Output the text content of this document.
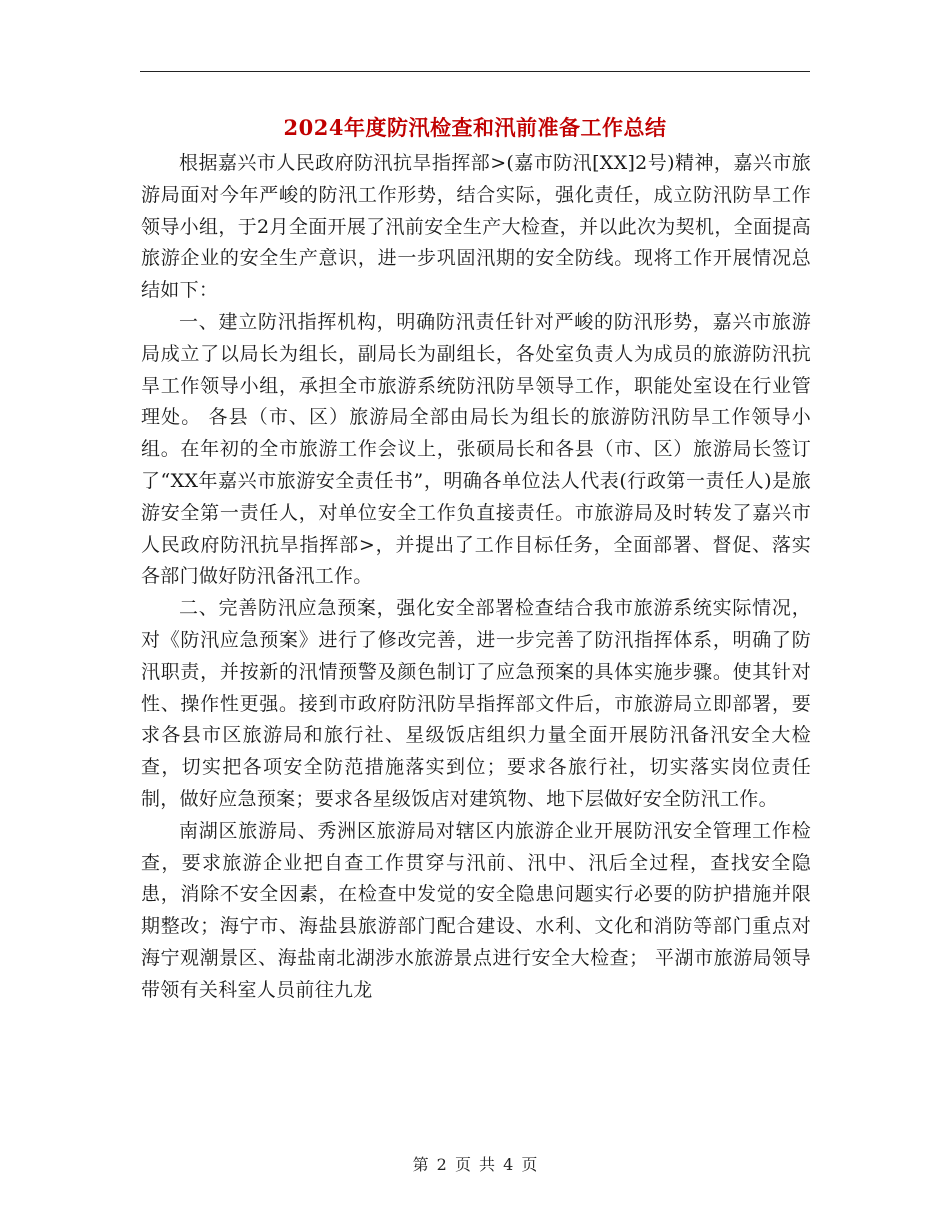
2024年度防汛检查和汛前准备工作总结

根据嘉兴市人民政府防汛抗旱指挥部>(嘉市防汛[XX]2号)精神，嘉兴市旅游局面对今年严峻的防汛工作形势，结合实际，强化责任，成立防汛防旱工作领导小组，于2月全面开展了汛前安全生产大检查，并以此次为契机，全面提高旅游企业的安全生产意识，进一步巩固汛期的安全防线。现将工作开展情况总结如下：

一、建立防汛指挥机构，明确防汛责任针对严峻的防汛形势，嘉兴市旅游局成立了以局长为组长，副局长为副组长，各处室负责人为成员的旅游防汛抗旱工作领导小组，承担全市旅游系统防汛防旱领导工作，职能处室设在行业管理处。 各县（市、区）旅游局全部由局长为组长的旅游防汛防旱工作领导小组。在年初的全市旅游工作会议上，张硕局长和各县（市、区）旅游局长签订了“XX年嘉兴市旅游安全责任书”，明确各单位法人代表(行政第一责任人)是旅游安全第一责任人，对单位安全工作负直接责任。市旅游局及时转发了嘉兴市人民政府防汛抗旱指挥部>，并提出了工作目标任务，全面部署、督促、落实各部门做好防汛备汛工作。

二、完善防汛应急预案，强化安全部署检查结合我市旅游系统实际情况，对《防汛应急预案》进行了修改完善，进一步完善了防汛指挥体系，明确了防汛职责，并按新的汛情预警及颜色制订了应急预案的具体实施步骤。使其针对性、操作性更强。接到市政府防汛防旱指挥部文件后，市旅游局立即部署，要求各县市区旅游局和旅行社、星级饭店组织力量全面开展防汛备汛安全大检查，切实把各项安全防范措施落实到位；要求各旅行社，切实落实岗位责任制，做好应急预案；要求各星级饭店对建筑物、地下层做好安全防汛工作。

南湖区旅游局、秀洲区旅游局对辖区内旅游企业开展防汛安全管理工作检查，要求旅游企业把自查工作贯穿与汛前、汛中、汛后全过程，查找安全隐患，消除不安全因素，在检查中发觉的安全隐患问题实行必要的防护措施并限期整改；海宁市、海盐县旅游部门配合建设、水利、文化和消防等部门重点对海宁观潮景区、海盐南北湖涉水旅游景点进行安全大检查； 平湖市旅游局领导带领有关科室人员前往九龙

第 2 页 共 4 页
